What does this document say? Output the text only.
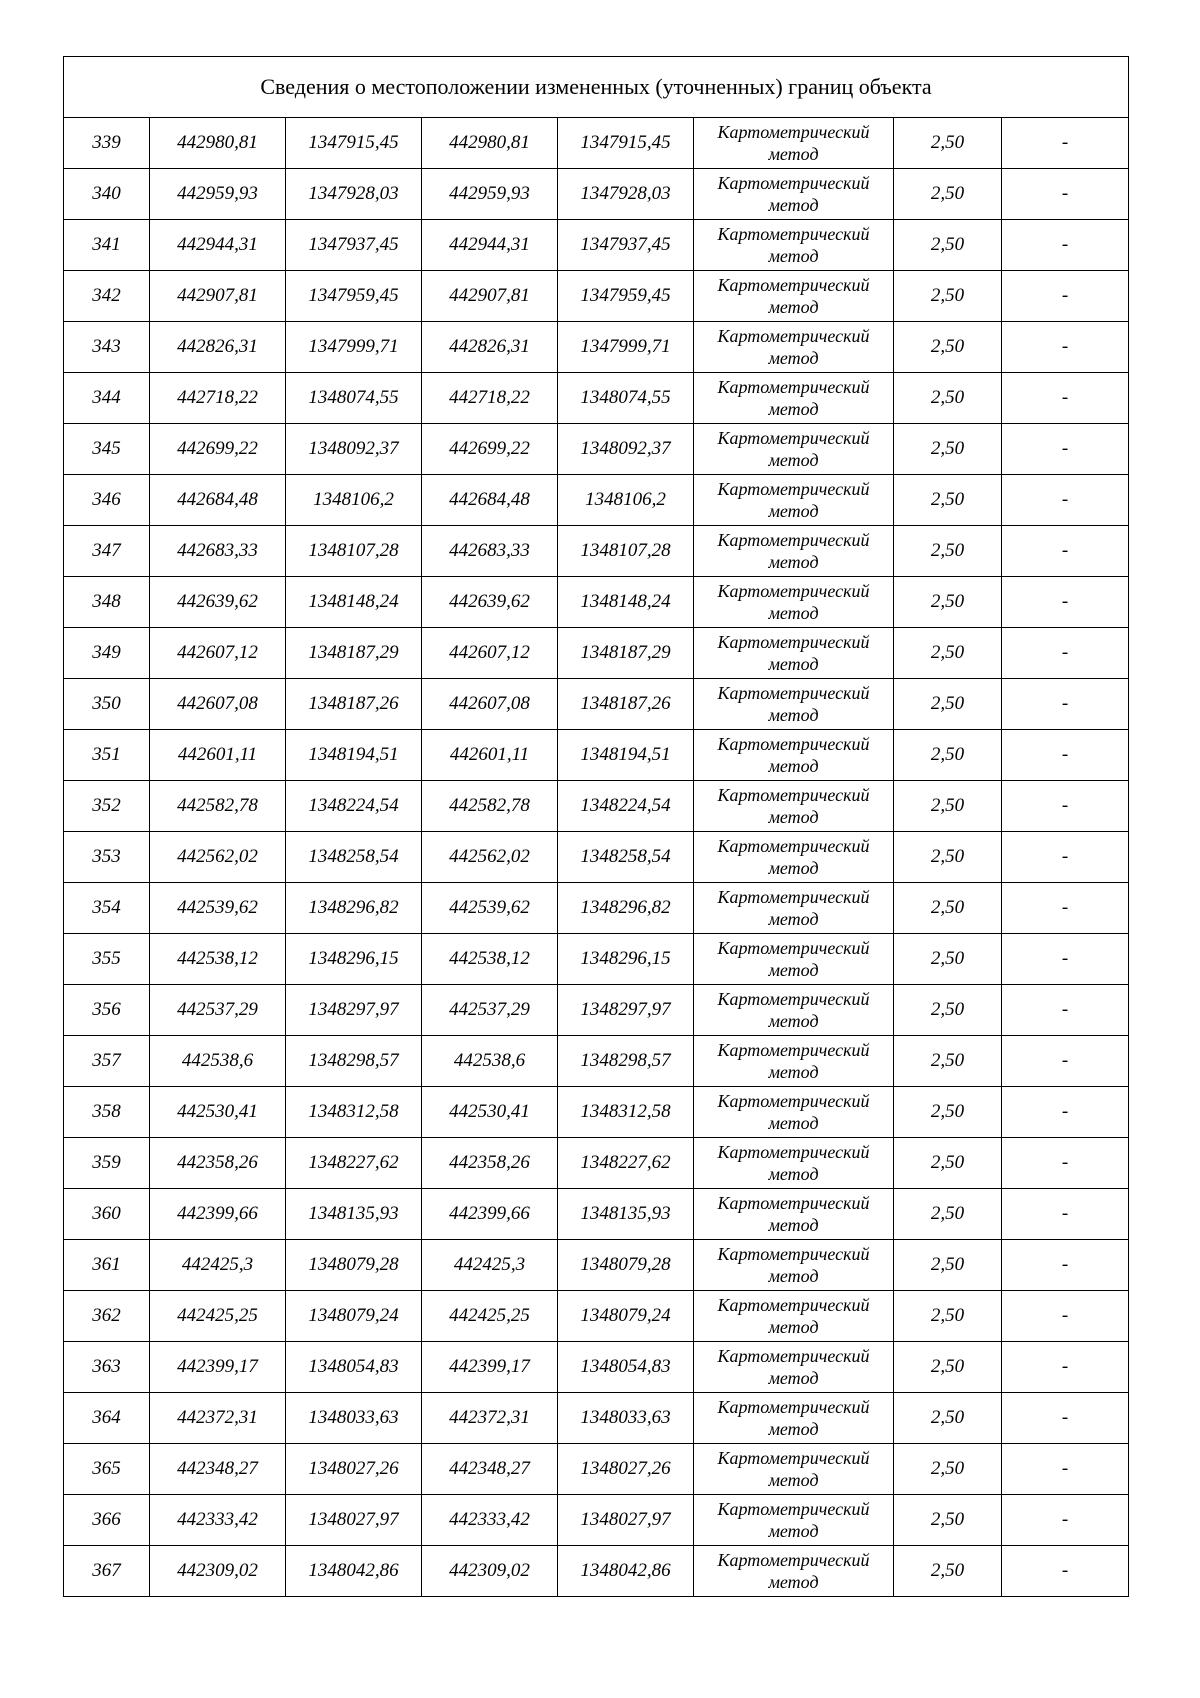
Сведения о местоположении измененных (уточненных) границ объекта							
339	442980,81	1347915,45	442980,81	1347915,45	Картометрический
метод	2,50	-
340	442959,93	1347928,03	442959,93	1347928,03	Картометрический
метод	2,50	-
341	442944,31	1347937,45	442944,31	1347937,45	Картометрический
метод	2,50	-
342	442907,81	1347959,45	442907,81	1347959,45	Картометрический
метод	2,50	-
343	442826,31	1347999,71	442826,31	1347999,71	Картометрический
метод	2,50	-
344	442718,22	1348074,55	442718,22	1348074,55	Картометрический
метод	2,50	-
345	442699,22	1348092,37	442699,22	1348092,37	Картометрический
метод	2,50	-
346	442684,48	1348106,2	442684,48	1348106,2	Картометрический
метод	2,50	-
347	442683,33	1348107,28	442683,33	1348107,28	Картометрический
метод	2,50	-
348	442639,62	1348148,24	442639,62	1348148,24	Картометрический
метод	2,50	-
349	442607,12	1348187,29	442607,12	1348187,29	Картометрический
метод	2,50	-
350	442607,08	1348187,26	442607,08	1348187,26	Картометрический
метод	2,50	-
351	442601,11	1348194,51	442601,11	1348194,51	Картометрический
метод	2,50	-
352	442582,78	1348224,54	442582,78	1348224,54	Картометрический
метод	2,50	-
353	442562,02	1348258,54	442562,02	1348258,54	Картометрический
метод	2,50	-
354	442539,62	1348296,82	442539,62	1348296,82	Картометрический
метод	2,50	-
355	442538,12	1348296,15	442538,12	1348296,15	Картометрический
метод	2,50	-
356	442537,29	1348297,97	442537,29	1348297,97	Картометрический
метод	2,50	-
357	442538,6	1348298,57	442538,6	1348298,57	Картометрический
метод	2,50	-
358	442530,41	1348312,58	442530,41	1348312,58	Картометрический
метод	2,50	-
359	442358,26	1348227,62	442358,26	1348227,62	Картометрический
метод	2,50	-
360	442399,66	1348135,93	442399,66	1348135,93	Картометрический
метод	2,50	-
361	442425,3	1348079,28	442425,3	1348079,28	Картометрический
метод	2,50	-
362	442425,25	1348079,24	442425,25	1348079,24	Картометрический
метод	2,50	-
363	442399,17	1348054,83	442399,17	1348054,83	Картометрический
метод	2,50	-
364	442372,31	1348033,63	442372,31	1348033,63	Картометрический
метод	2,50	-
365	442348,27	1348027,26	442348,27	1348027,26	Картометрический
метод	2,50	-
366	442333,42	1348027,97	442333,42	1348027,97	Картометрический
метод	2,50	-
367	442309,02	1348042,86	442309,02	1348042,86	Картометрический
метод	2,50	-
